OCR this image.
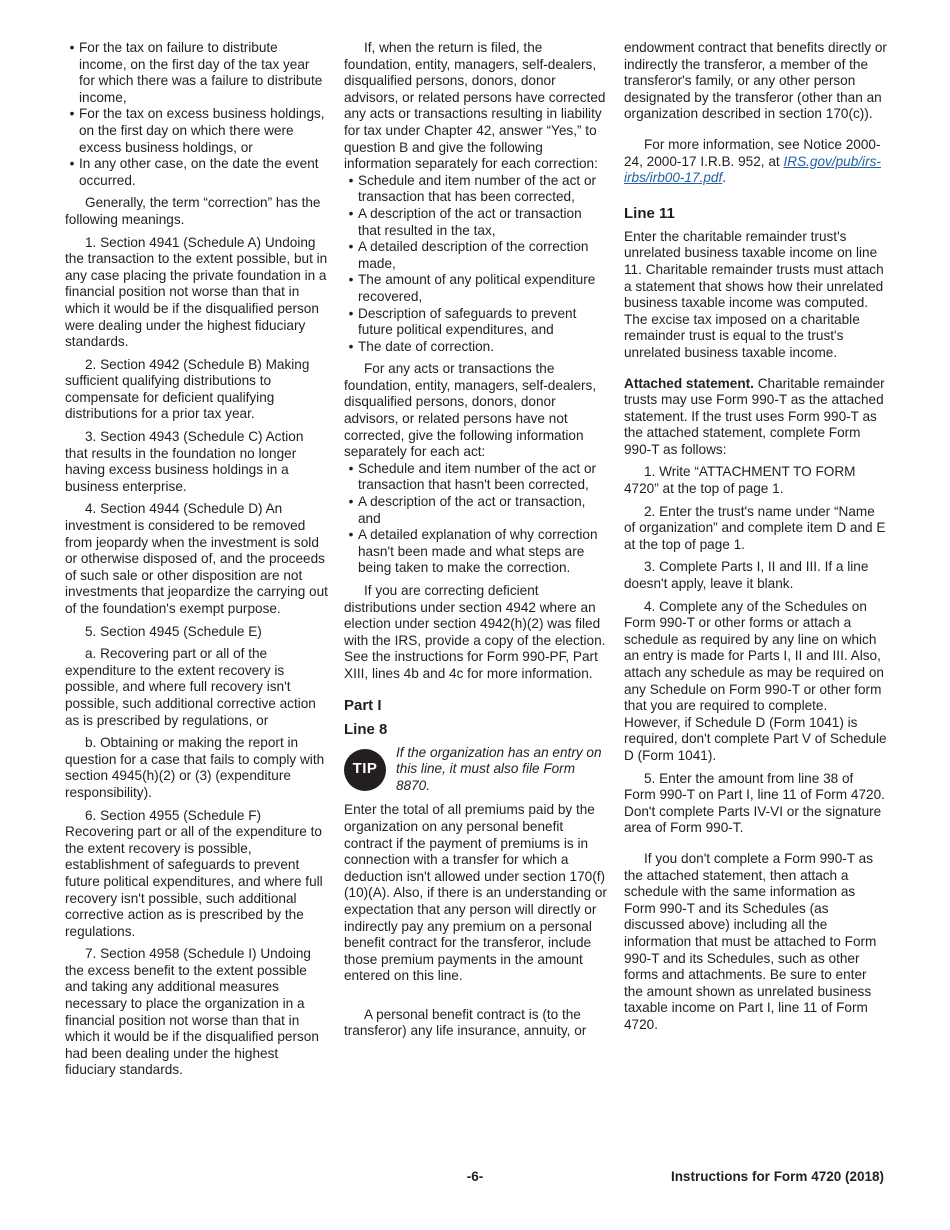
• For the tax on failure to distribute income, on the first day of the tax year for which there was a failure to distribute income,

• For the tax on excess business holdings, on the first day on which there were excess business holdings, or

• In any other case, on the date the event occurred.

Generally, the term “correction” has the following meanings.

1. Section 4941 (Schedule A) Undoing the transaction to the extent possible, but in any case placing the private foundation in a financial position not worse than that in which it would be if the disqualified person were dealing under the highest fiduciary standards.

2. Section 4942 (Schedule B) Making sufficient qualifying distributions to compensate for deficient qualifying distributions for a prior tax year.

3. Section 4943 (Schedule C) Action that results in the foundation no longer having excess business holdings in a business enterprise.

4. Section 4944 (Schedule D) An investment is considered to be removed from jeopardy when the investment is sold or otherwise disposed of, and the proceeds of such sale or other disposition are not investments that jeopardize the carrying out of the foundation's exempt purpose.

5. Section 4945 (Schedule E)

a. Recovering part or all of the expenditure to the extent recovery is possible, and where full recovery isn't possible, such additional corrective action as is prescribed by regulations, or

b. Obtaining or making the report in question for a case that fails to comply with section 4945(h)(2) or (3) (expenditure responsibility).

6. Section 4955 (Schedule F) Recovering part or all of the expenditure to the extent recovery is possible, establishment of safeguards to prevent future political expenditures, and where full recovery isn't possible, such additional corrective action as is prescribed by the regulations.

7. Section 4958 (Schedule I) Undoing the excess benefit to the extent possible and taking any additional measures necessary to place the organization in a financial position not worse than that in which it would be if the disqualified person had been dealing under the highest fiduciary standards.

If, when the return is filed, the foundation, entity, managers, self-dealers, disqualified persons, donors, donor advisors, or related persons have corrected any acts or transactions resulting in liability for tax under Chapter 42, answer “Yes,” to question B and give the following information separately for each correction:

• Schedule and item number of the act or transaction that has been corrected,

• A description of the act or transaction that resulted in the tax,

• A detailed description of the correction made,

• The amount of any political expenditure recovered,

• Description of safeguards to prevent future political expenditures, and

• The date of correction.

For any acts or transactions the foundation, entity, managers, self-dealers, disqualified persons, donors, donor advisors, or related persons have not corrected, give the following information separately for each act:

• Schedule and item number of the act or transaction that hasn't been corrected,

• A description of the act or transaction, and

• A detailed explanation of why correction hasn't been made and what steps are being taken to make the correction.

If you are correcting deficient distributions under section 4942 where an election under section 4942(h)(2) was filed with the IRS, provide a copy of the election. See the instructions for Form 990-PF, Part XIII, lines 4b and 4c for more information.

Part I
Line 8
TIP
If the organization has an entry on this line, it must also file Form 8870.

Enter the total of all premiums paid by the organization on any personal benefit contract if the payment of premiums is in connection with a transfer for which a deduction isn't allowed under section 170(f)(10)(A). Also, if there is an understanding or expectation that any person will directly or indirectly pay any premium on a personal benefit contract for the transferor, include those premium payments in the amount entered on this line.

A personal benefit contract is (to the transferor) any life insurance, annuity, or

endowment contract that benefits directly or indirectly the transferor, a member of the transferor's family, or any other person designated by the transferor (other than an organization described in section 170(c)).

For more information, see Notice 2000-24, 2000-17 I.R.B. 952, at IRS.gov/pub/irs-irbs/irb00-17.pdf.

Line 11

Enter the charitable remainder trust's unrelated business taxable income on line 11. Charitable remainder trusts must attach a statement that shows how their unrelated business taxable income was computed. The excise tax imposed on a charitable remainder trust is equal to the trust's unrelated business taxable income.

Attached statement. Charitable remainder trusts may use Form 990-T as the attached statement. If the trust uses Form 990-T as the attached statement, complete Form 990-T as follows:

1. Write “ATTACHMENT TO FORM 4720” at the top of page 1.

2. Enter the trust's name under “Name of organization” and complete item D and E at the top of page 1.

3. Complete Parts I, II and III. If a line doesn't apply, leave it blank.

4. Complete any of the Schedules on Form 990-T or other forms or attach a schedule as required by any line on which an entry is made for Parts I, II and III. Also, attach any schedule as may be required on any Schedule on Form 990-T or other form that you are required to complete. However, if Schedule D (Form 1041) is required, don't complete Part V of Schedule D (Form 1041).

5. Enter the amount from line 38 of Form 990-T on Part I, line 11 of Form 4720. Don't complete Parts IV-VI or the signature area of Form 990-T.

If you don't complete a Form 990-T as the attached statement, then attach a schedule with the same information as Form 990-T and its Schedules (as discussed above) including all the information that must be attached to Form 990-T and its Schedules, such as other forms and attachments. Be sure to enter the amount shown as unrelated business taxable income on Part I, line 11 of Form 4720.

-6-	Instructions for Form 4720 (2018)
